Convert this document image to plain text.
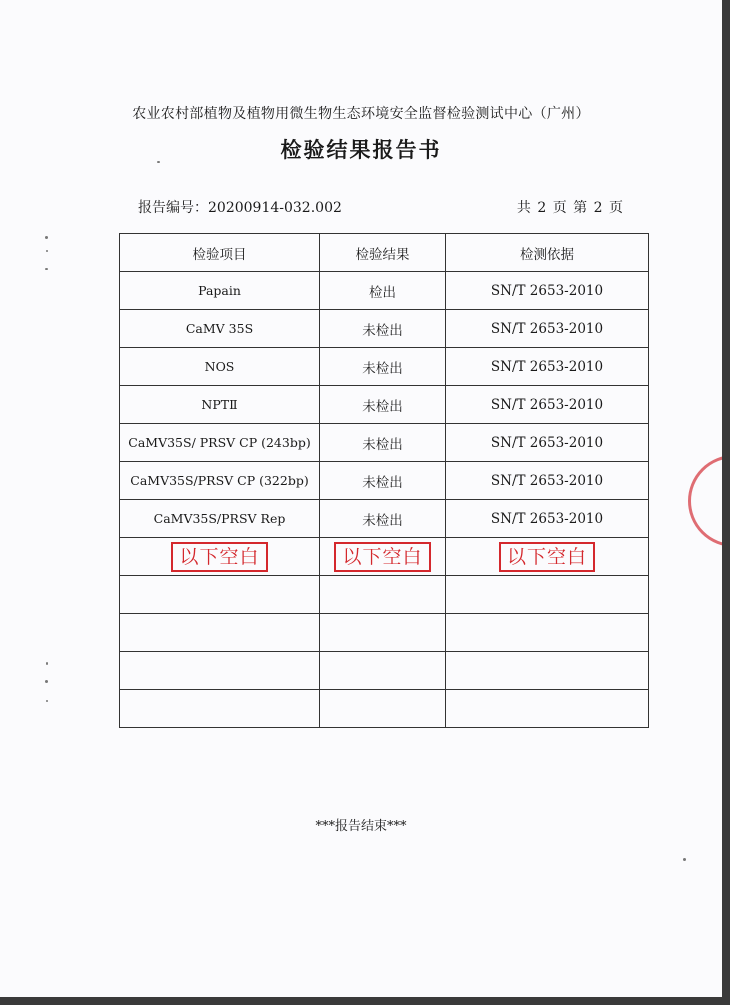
农业农村部植物及植物用微生物生态环境安全监督检验测试中心（广州）
检验结果报告书
报告编号：20200914-032.002	共 2 页 第 2 页
检验项目	检验结果	检测依据
Papain	检出	SN/T 2653-2010
CaMV 35S	未检出	SN/T 2653-2010
NOS	未检出	SN/T 2653-2010
NPTⅡ	未检出	SN/T 2653-2010
CaMV35S/ PRSV CP (243bp)	未检出	SN/T 2653-2010
CaMV35S/PRSV CP (322bp)	未检出	SN/T 2653-2010
CaMV35S/PRSV Rep	未检出	SN/T 2653-2010
以下空白	以下空白	以下空白

***报告结束***
